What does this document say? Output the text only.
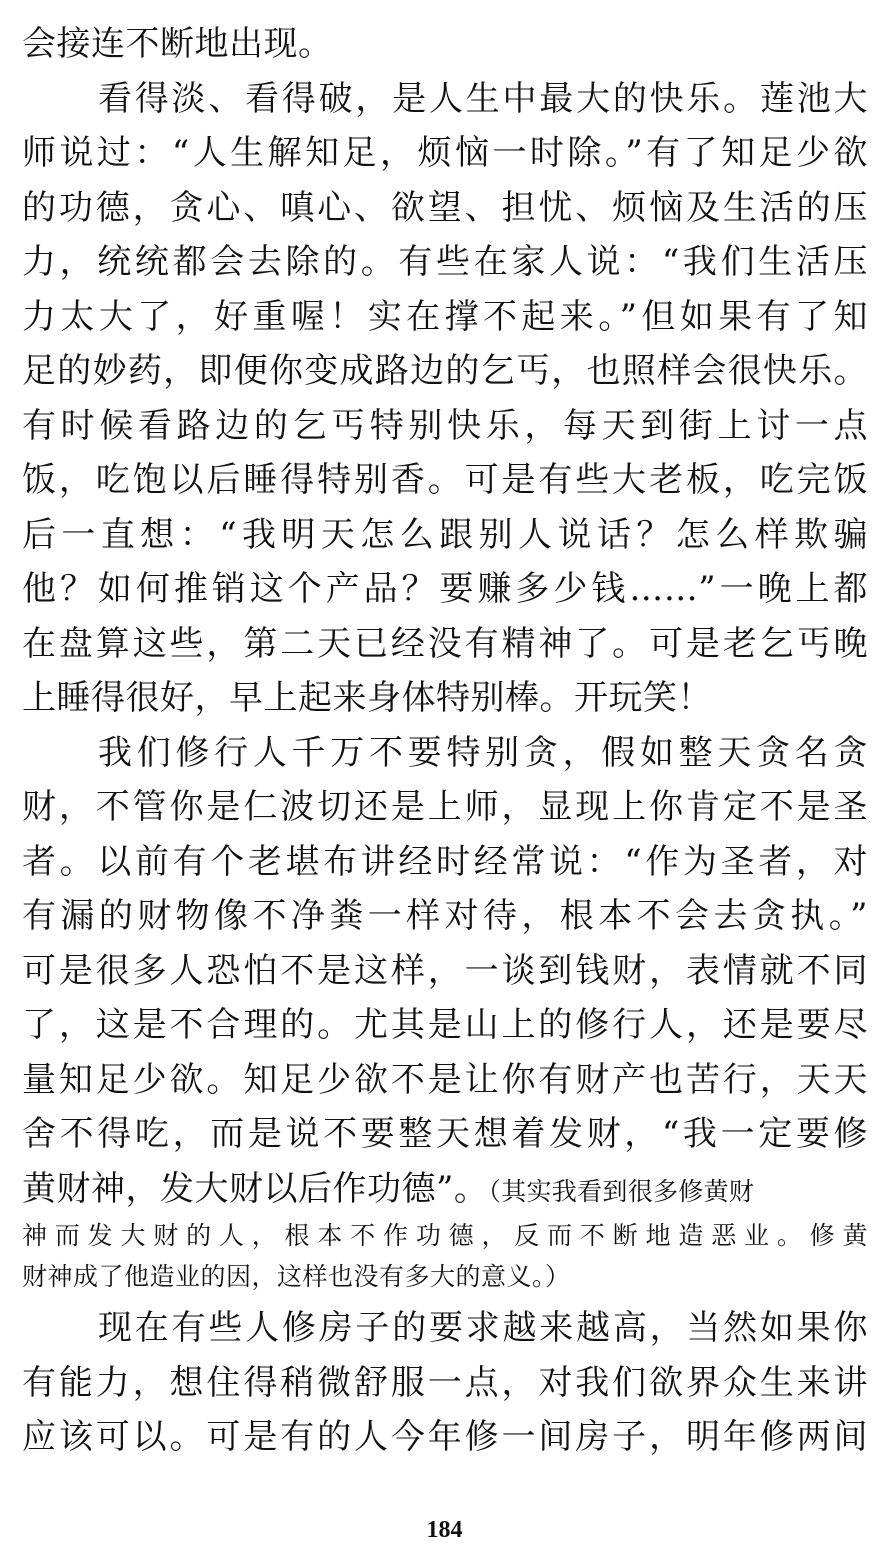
会接连不断地出现。
看得淡、看得破，是人生中最大的快乐。莲池大
师说过：“人生解知足，烦恼一时除。”有了知足少欲
的功德，贪心、嗔心、欲望、担忧、烦恼及生活的压
力，统统都会去除的。有些在家人说：“我们生活压
力太大了，好重喔！实在撑不起来。”但如果有了知
足的妙药，即便你变成路边的乞丐，也照样会很快乐。
有时候看路边的乞丐特别快乐，每天到街上讨一点
饭，吃饱以后睡得特别香。可是有些大老板，吃完饭
后一直想：“我明天怎么跟别人说话？怎么样欺骗
他？如何推销这个产品？要赚多少钱……”一晚上都
在盘算这些，第二天已经没有精神了。可是老乞丐晚
上睡得很好，早上起来身体特别棒。开玩笑！
我们修行人千万不要特别贪，假如整天贪名贪
财，不管你是仁波切还是上师，显现上你肯定不是圣
者。以前有个老堪布讲经时经常说：“作为圣者，对
有漏的财物像不净粪一样对待，根本不会去贪执。”
可是很多人恐怕不是这样，一谈到钱财，表情就不同
了，这是不合理的。尤其是山上的修行人，还是要尽
量知足少欲。知足少欲不是让你有财产也苦行，天天
舍不得吃，而是说不要整天想着发财，“我一定要修
黄财神，发大财以后作功德”。（其实我看到很多修黄财
神而发大财的人，根本不作功德，反而不断地造恶业。修黄
财神成了他造业的因，这样也没有多大的意义。）
现在有些人修房子的要求越来越高，当然如果你
有能力，想住得稍微舒服一点，对我们欲界众生来讲
应该可以。可是有的人今年修一间房子，明年修两间
184
